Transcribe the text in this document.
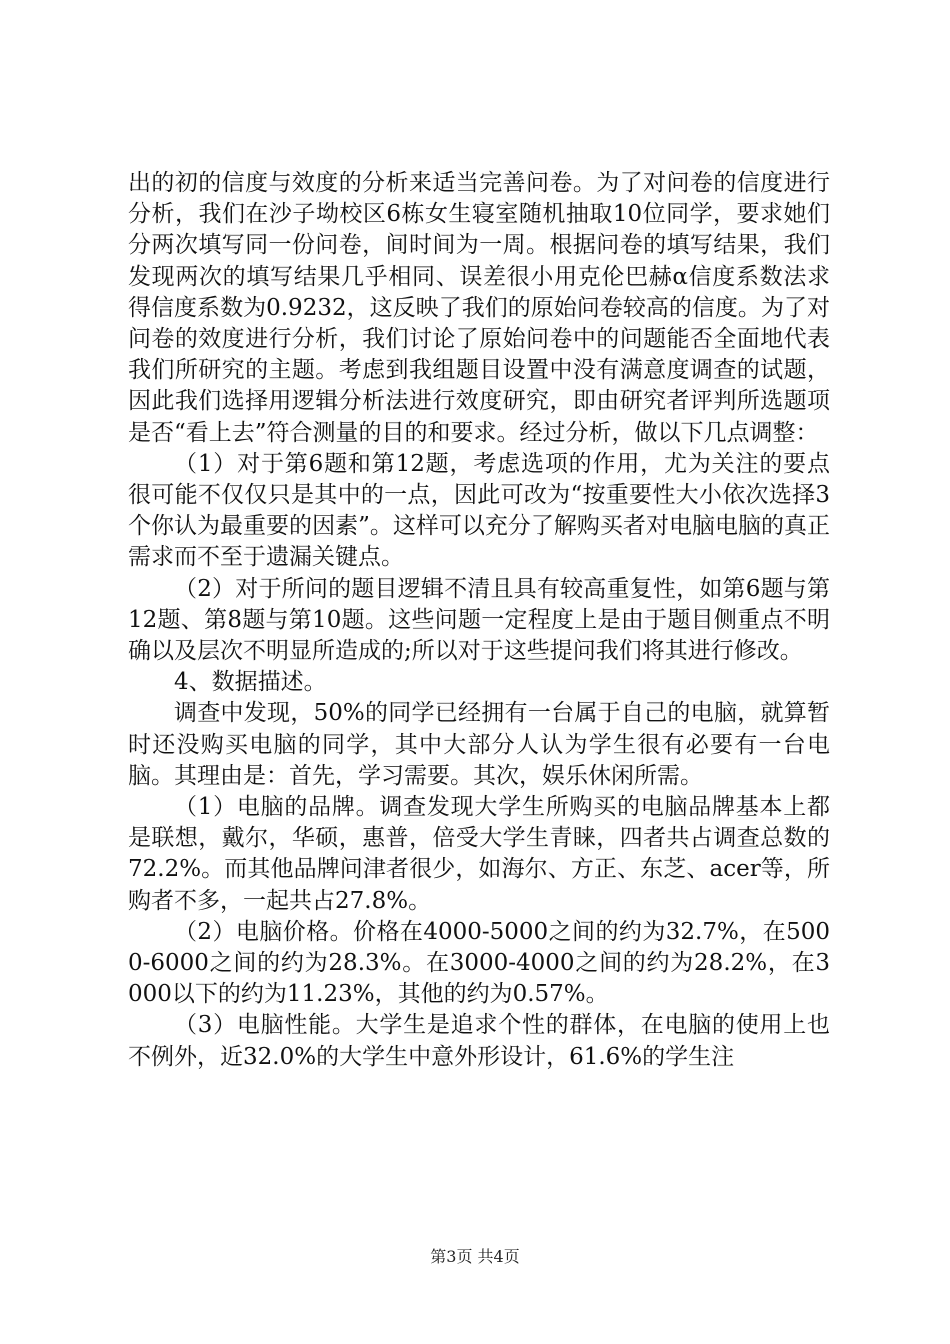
出的初的信度与效度的分析来适当完善问卷。为了对问卷的信度进行分析，我们在沙子坳校区6栋女生寝室随机抽取10位同学，要求她们分两次填写同一份问卷，间时间为一周。根据问卷的填写结果，我们发现两次的填写结果几乎相同、误差很小用克伦巴赫α信度系数法求得信度系数为0.9232，这反映了我们的原始问卷较高的信度。为了对问卷的效度进行分析，我们讨论了原始问卷中的问题能否全面地代表我们所研究的主题。考虑到我组题目设置中没有满意度调查的试题，因此我们选择用逻辑分析法进行效度研究，即由研究者评判所选题项是否“看上去”符合测量的目的和要求。经过分析，做以下几点调整：

（1）对于第6题和第12题，考虑选项的作用，尤为关注的要点很可能不仅仅只是其中的一点，因此可改为“按重要性大小依次选择3个你认为最重要的因素”。这样可以充分了解购买者对电脑电脑的真正需求而不至于遗漏关键点。

（2）对于所问的题目逻辑不清且具有较高重复性，如第6题与第12题、第8题与第10题。这些问题一定程度上是由于题目侧重点不明确以及层次不明显所造成的;所以对于这些提问我们将其进行修改。

4、数据描述。

调查中发现，50%的同学已经拥有一台属于自己的电脑，就算暂时还没购买电脑的同学，其中大部分人认为学生很有必要有一台电脑。其理由是：首先，学习需要。其次，娱乐休闲所需。

（1）电脑的品牌。调查发现大学生所购买的电脑品牌基本上都是联想，戴尔，华硕，惠普，倍受大学生青睐，四者共占调查总数的72.2%。而其他品牌问津者很少，如海尔、方正、东芝、acer等，所购者不多，一起共占27.8%。

（2）电脑价格。价格在4000-5000之间的约为32.7%，在5000-6000之间的约为28.3%。在3000-4000之间的约为28.2%，在3000以下的约为11.23%，其他的约为0.57%。

（3）电脑性能。大学生是追求个性的群体，在电脑的使用上也不例外，近32.0%的大学生中意外形设计，61.6%的学生注

第3页 共4页
